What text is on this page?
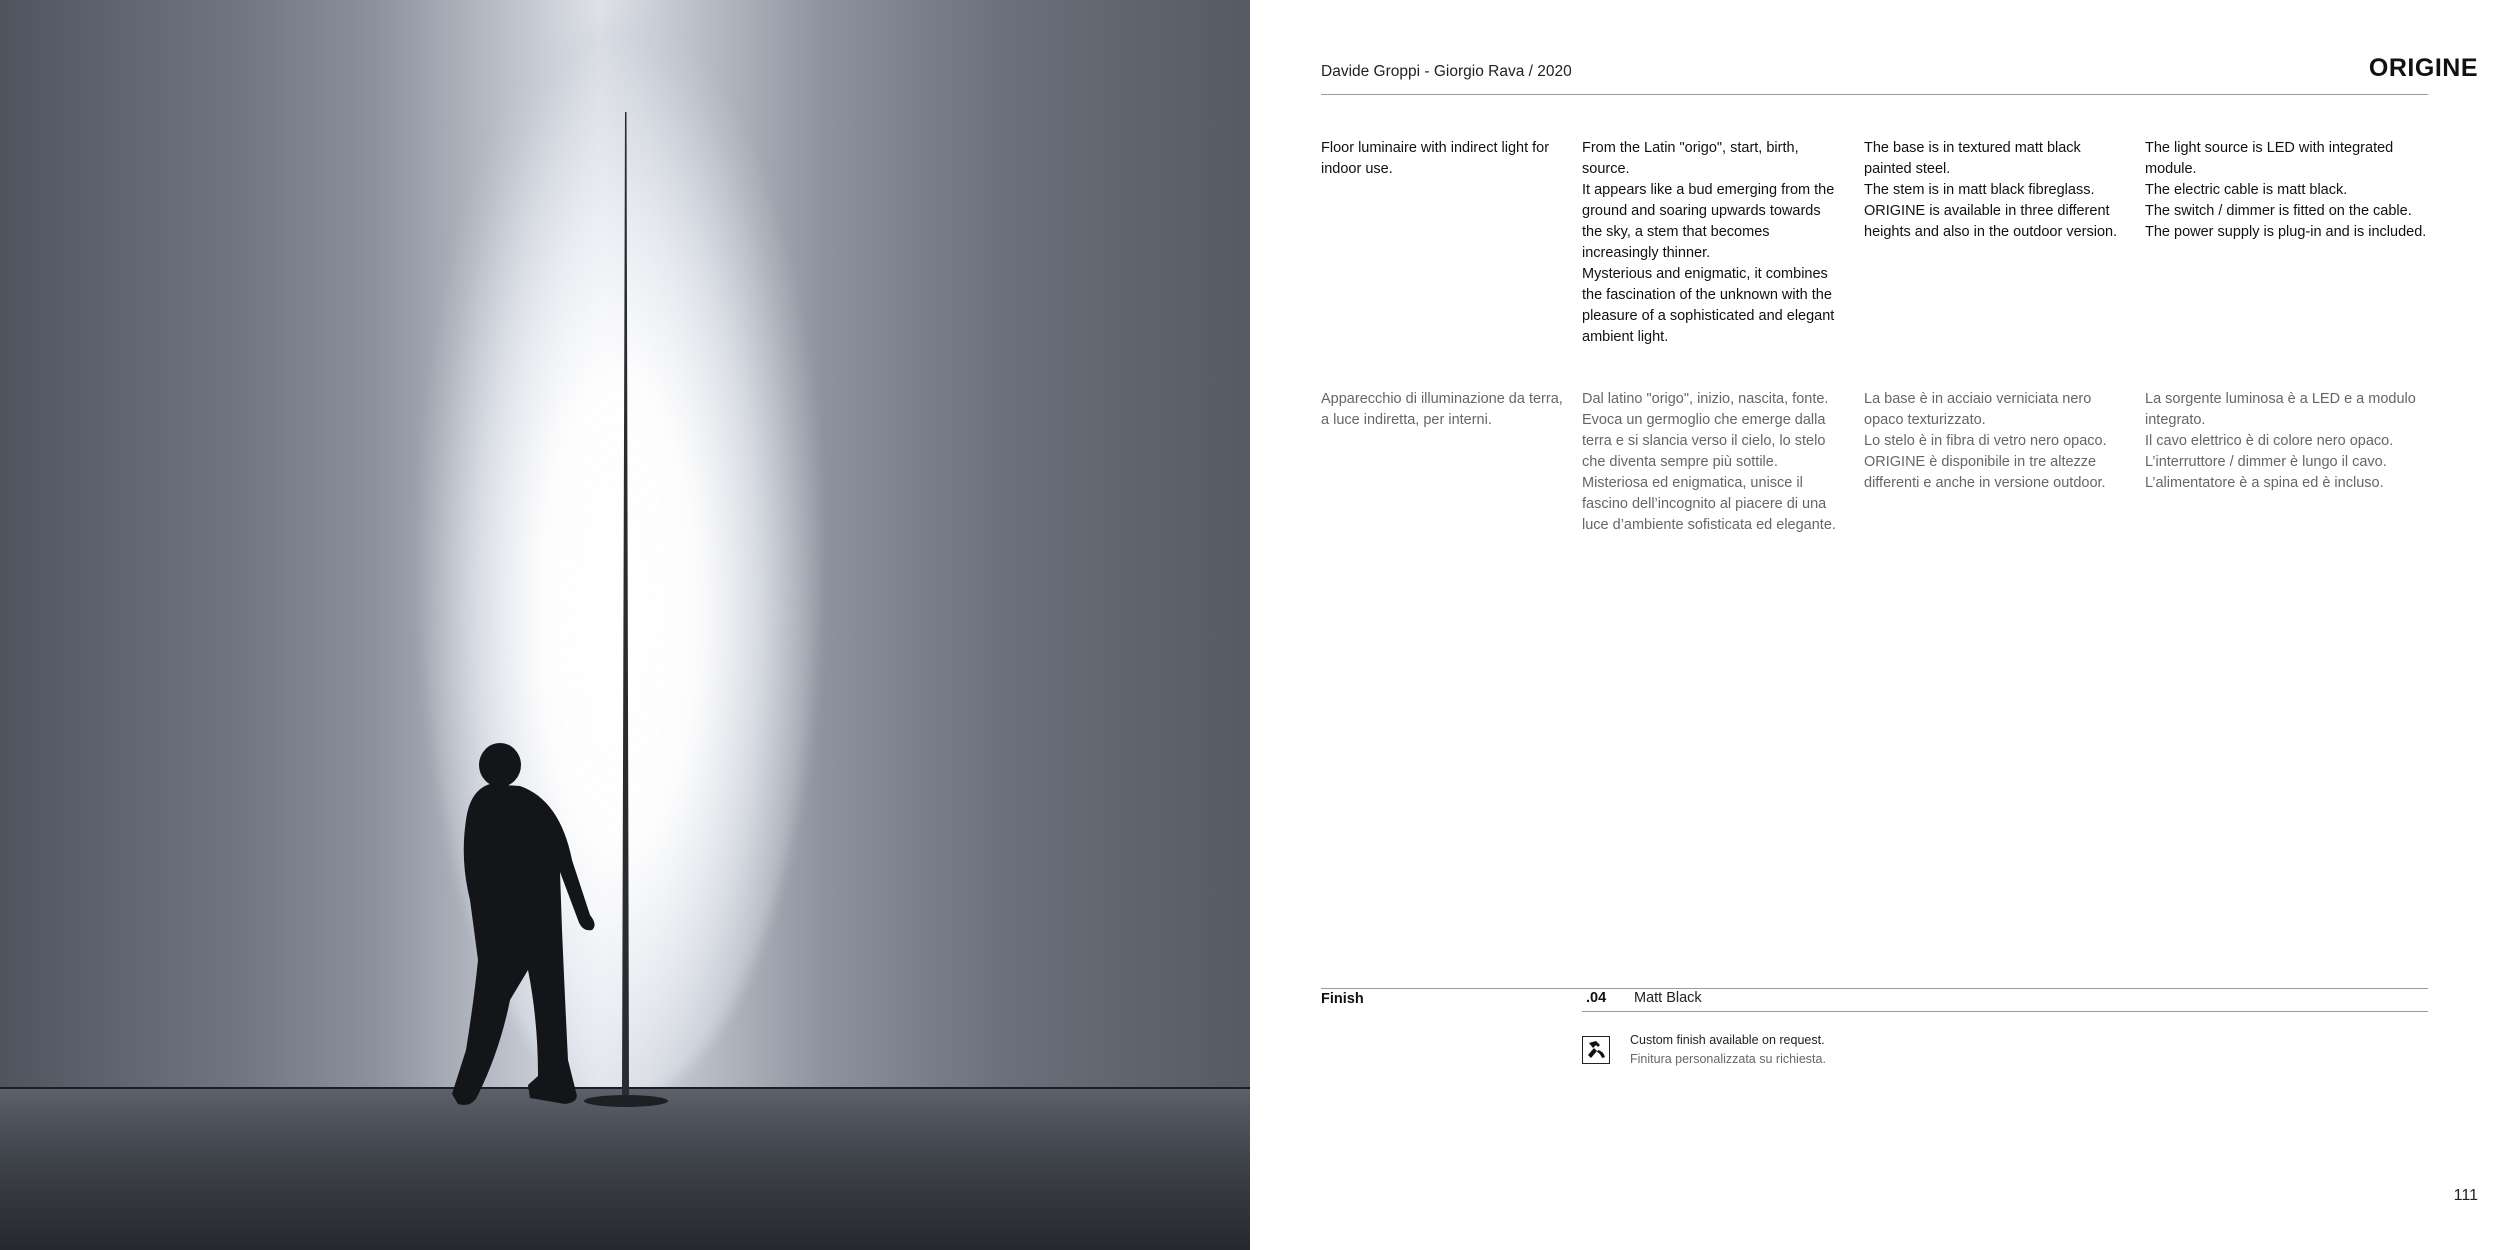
Davide Groppi - Giorgio Rava / 2020	ORIGINE

Floor luminaire with indirect light for indoor use.

From the Latin "origo", start, birth, source.

It appears like a bud emerging from the ground and soaring upwards towards the sky, a stem that becomes increasingly thinner.

Mysterious and enigmatic, it combines the fascination of the unknown with the pleasure of a sophisticated and elegant ambient light.

The base is in textured matt black painted steel.

The stem is in matt black fibreglass.

ORIGINE is available in three different heights and also in the outdoor version.

The light source is LED with integrated module.

The electric cable is matt black.

The switch / dimmer is fitted on the cable.

The power supply is plug-in and is included.

Apparecchio di illuminazione da terra, a luce indiretta, per interni.

Dal latino "origo", inizio, nascita, fonte.

Evoca un germoglio che emerge dalla terra e si slancia verso il cielo, lo stelo che diventa sempre più sottile.

Misteriosa ed enigmatica, unisce il fascino dell’incognito al piacere di una luce d’ambiente sofisticata ed elegante.

La base è in acciaio verniciata nero opaco texturizzato.

Lo stelo è in fibra di vetro nero opaco.

ORIGINE è disponibile in tre altezze differenti e anche in versione outdoor.

La sorgente luminosa è a LED e a modulo integrato.

Il cavo elettrico è di colore nero opaco.

L’interruttore / dimmer è lungo il cavo.

L’alimentatore è a spina ed è incluso.

Finish	.04 Matt Black
Custom finish available on request.
Finitura personalizzata su richiesta.
111
